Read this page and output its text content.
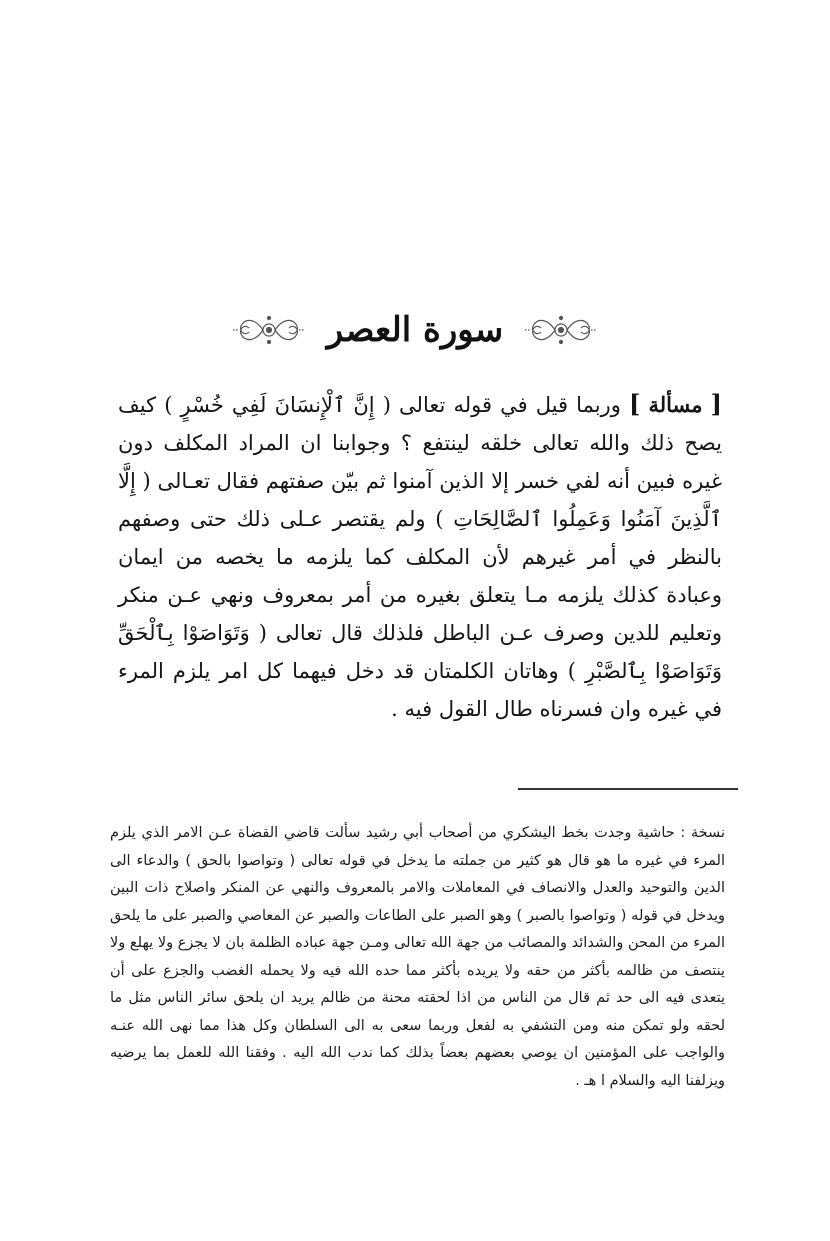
سورة العصر
[ مسألة ] وربما قيل في قوله تعالى ( إِنَّ ٱلْإِنسَانَ لَفِي خُسْرٍ ) كيف يصح ذلك والله تعالى خلقه لينتفع ؟ وجوابنا ان المراد المكلف دون غيره فبين أنه لفي خسر إلا الذين آمنوا ثم بيّن صفتهم فقال تعـالى ( إِلَّا ٱلَّذِينَ آمَنُوا وَعَمِلُوا ٱلصَّالِحَاتِ ) ولم يقتصر عـلى ذلك حتى وصفهم بالنظر في أمر غيرهم لأن المكلف كما يلزمه ما يخصه من ايمان وعبادة كذلك يلزمه مـا يتعلق بغيره من أمر بمعروف ونهي عـن منكر وتعليم للدين وصرف عـن الباطل فلذلك قال تعالى ( وَتَوَاصَوْا بِٱلْحَقِّ وَتَوَاصَوْا بِٱلصَّبْرِ ) وهاتان الكلمتان قد دخل فيهما كل امر يلزم المرء في غيره وان فسرناه طال القول فيه .
نسخة : حاشية وجدت بخط اليشكري من أصحاب أبي رشيد سألت قاضي القضاة عـن الامر الذي يلزم المرء في غيره ما هو قال هو كثير من جملته ما يدخل في قوله تعالى ( وتواصوا بالحق ) والدعاء الى الدين والتوحيد والعدل والانصاف في المعاملات والامر بالمعروف والنهي عن المنكر واصلاح ذات البين ويدخل في قوله ( وتواصوا بالصبر ) وهو الصبر على الطاعات والصبر عن المعاصي والصبر على ما يلحق المرء من المحن والشدائد والمصائب من جهة الله تعالى ومـن جهة عباده الظلمة بان لا يجزع ولا يهلع ولا ينتصف من ظالمه بأكثر من حقه ولا يريده بأكثر مما حده الله فيه ولا يحمله الغضب والجزع على أن يتعدى فيه الى حد ثم قال من الناس من اذا لحقته محنة من ظالم يريد ان يلحق سائر الناس مثل ما لحقه ولو تمكن منه ومن التشفي به لفعل وربما سعى به الى السلطان وكل هذا مما نهى الله عنـه والواجب على المؤمنين ان يوصي بعضهم بعضاً بذلك كما ندب الله اليه . وفقنا الله للعمل بما يرضيه ويزلفنا اليه والسلام ا هـ .
